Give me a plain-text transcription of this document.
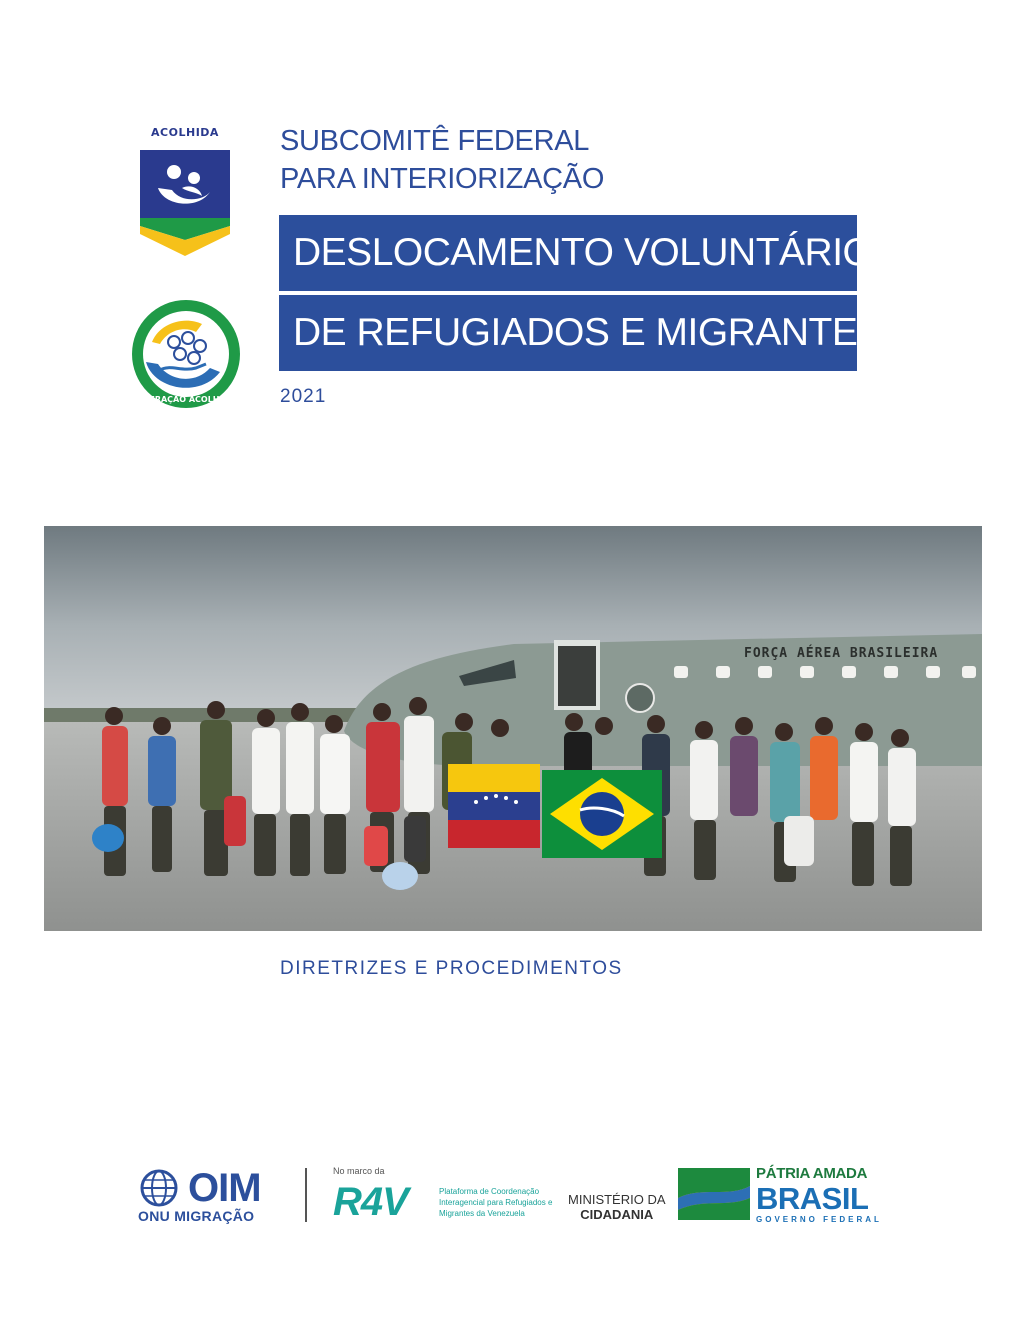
ACOLHIDA
OPERAÇÃO ACOLHIDA
SUBCOMITÊ FEDERAL
PARA INTERIORIZAÇÃO
DESLOCAMENTO VOLUNTÁRIO
DE REFUGIADOS E MIGRANTES
2021
FORÇA AÉREA BRASILEIRA
DIRETRIZES E PROCEDIMENTOS
OIM
ONU MIGRAÇÃO
No marco da
R4V	Plataforma de Coordenação Interagencial para Refugiados e Migrantes da Venezuela
MINISTÉRIO DA
CIDADANIA
PÁTRIA AMADA
BRASIL
GOVERNO FEDERAL
